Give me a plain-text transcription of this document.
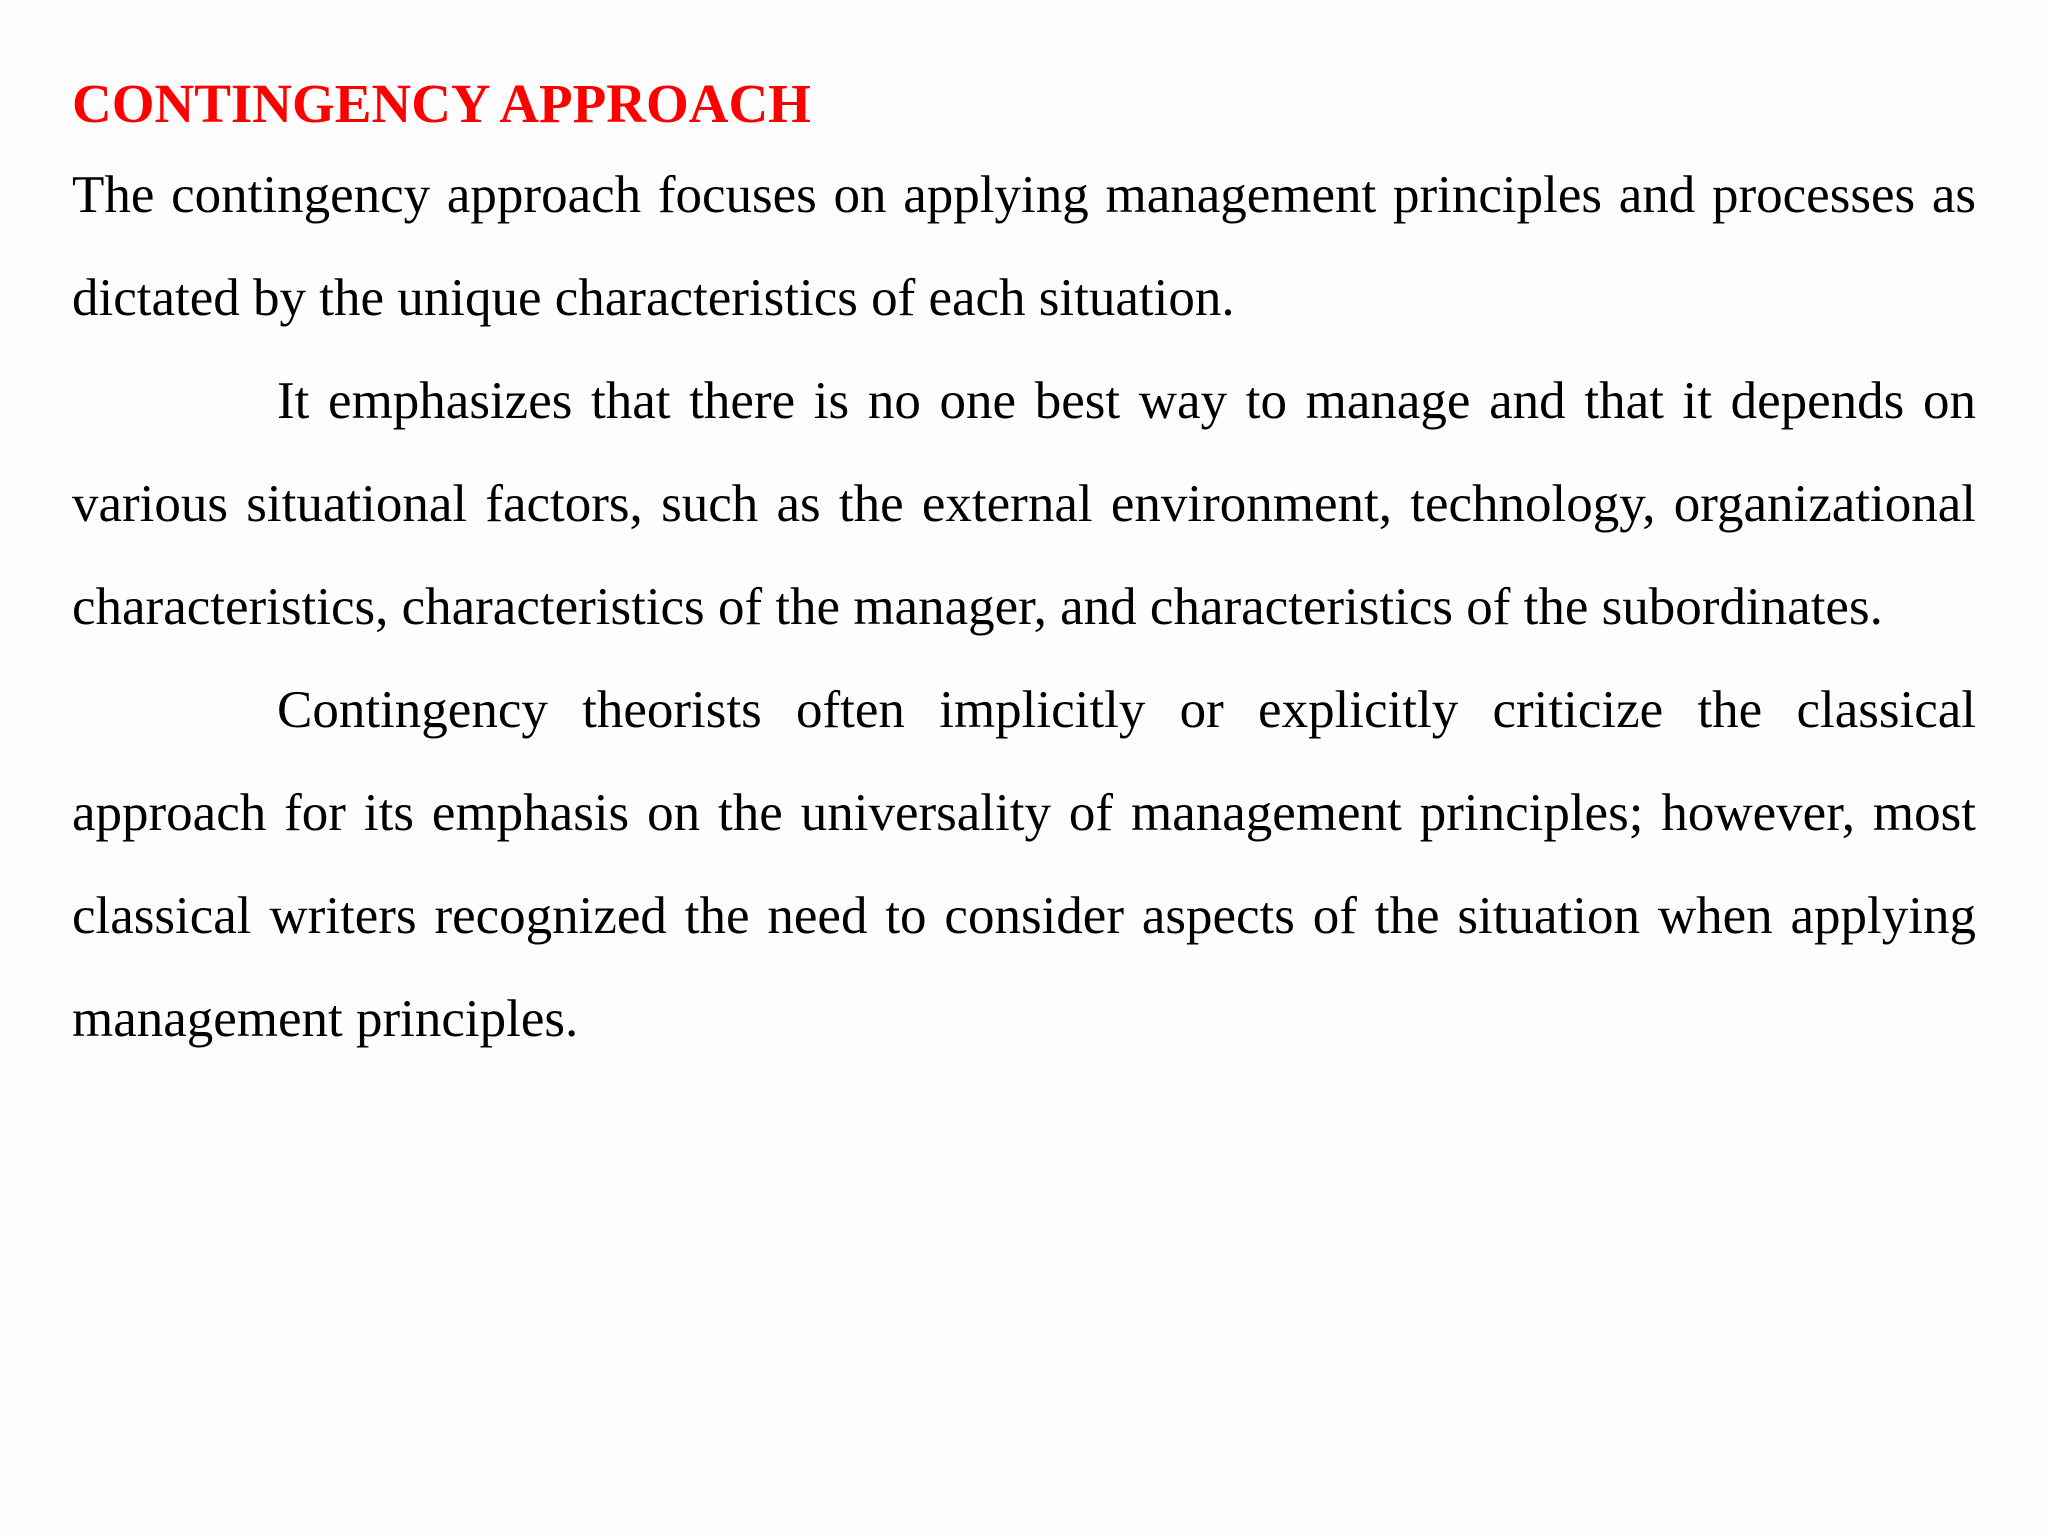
CONTINGENCY APPROACH

The contingency approach focuses on applying management principles and processes as dictated by the unique characteristics of each situation.

It emphasizes that there is no one best way to manage and that it depends on various situational factors, such as the external environment, technology, organizational characteristics, characteristics of the manager, and characteristics of the subordinates.

Contingency theorists often implicitly or explicitly criticize the classical approach for its emphasis on the universality of management principles; however, most classical writers recognized the need to consider aspects of the situation when applying management principles.
